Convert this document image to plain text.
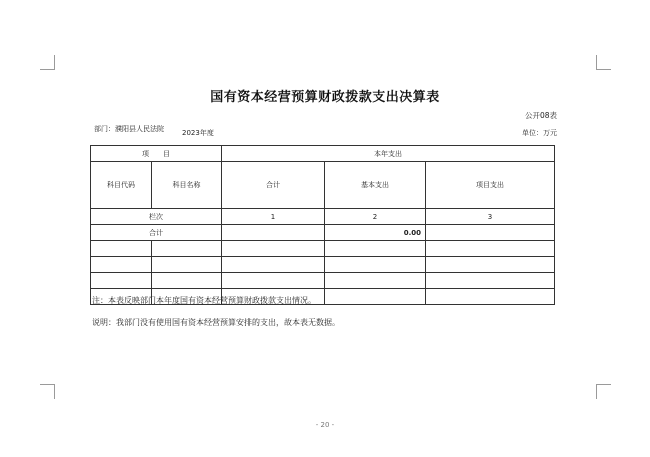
国有资本经营预算财政拨款支出决算表
公开08表
部门：濮阳县人民法院	2023年度	单位：万元
项　　目		本年支出		
科目代码	科目名称	合计	基本支出	项目支出
栏次		1	2	3
合计			0.00	

注：本表反映部门本年度国有资本经营预算财政拨款支出情况。
说明：我部门没有使用国有资本经营预算安排的支出，故本表无数据。
- 20 -
